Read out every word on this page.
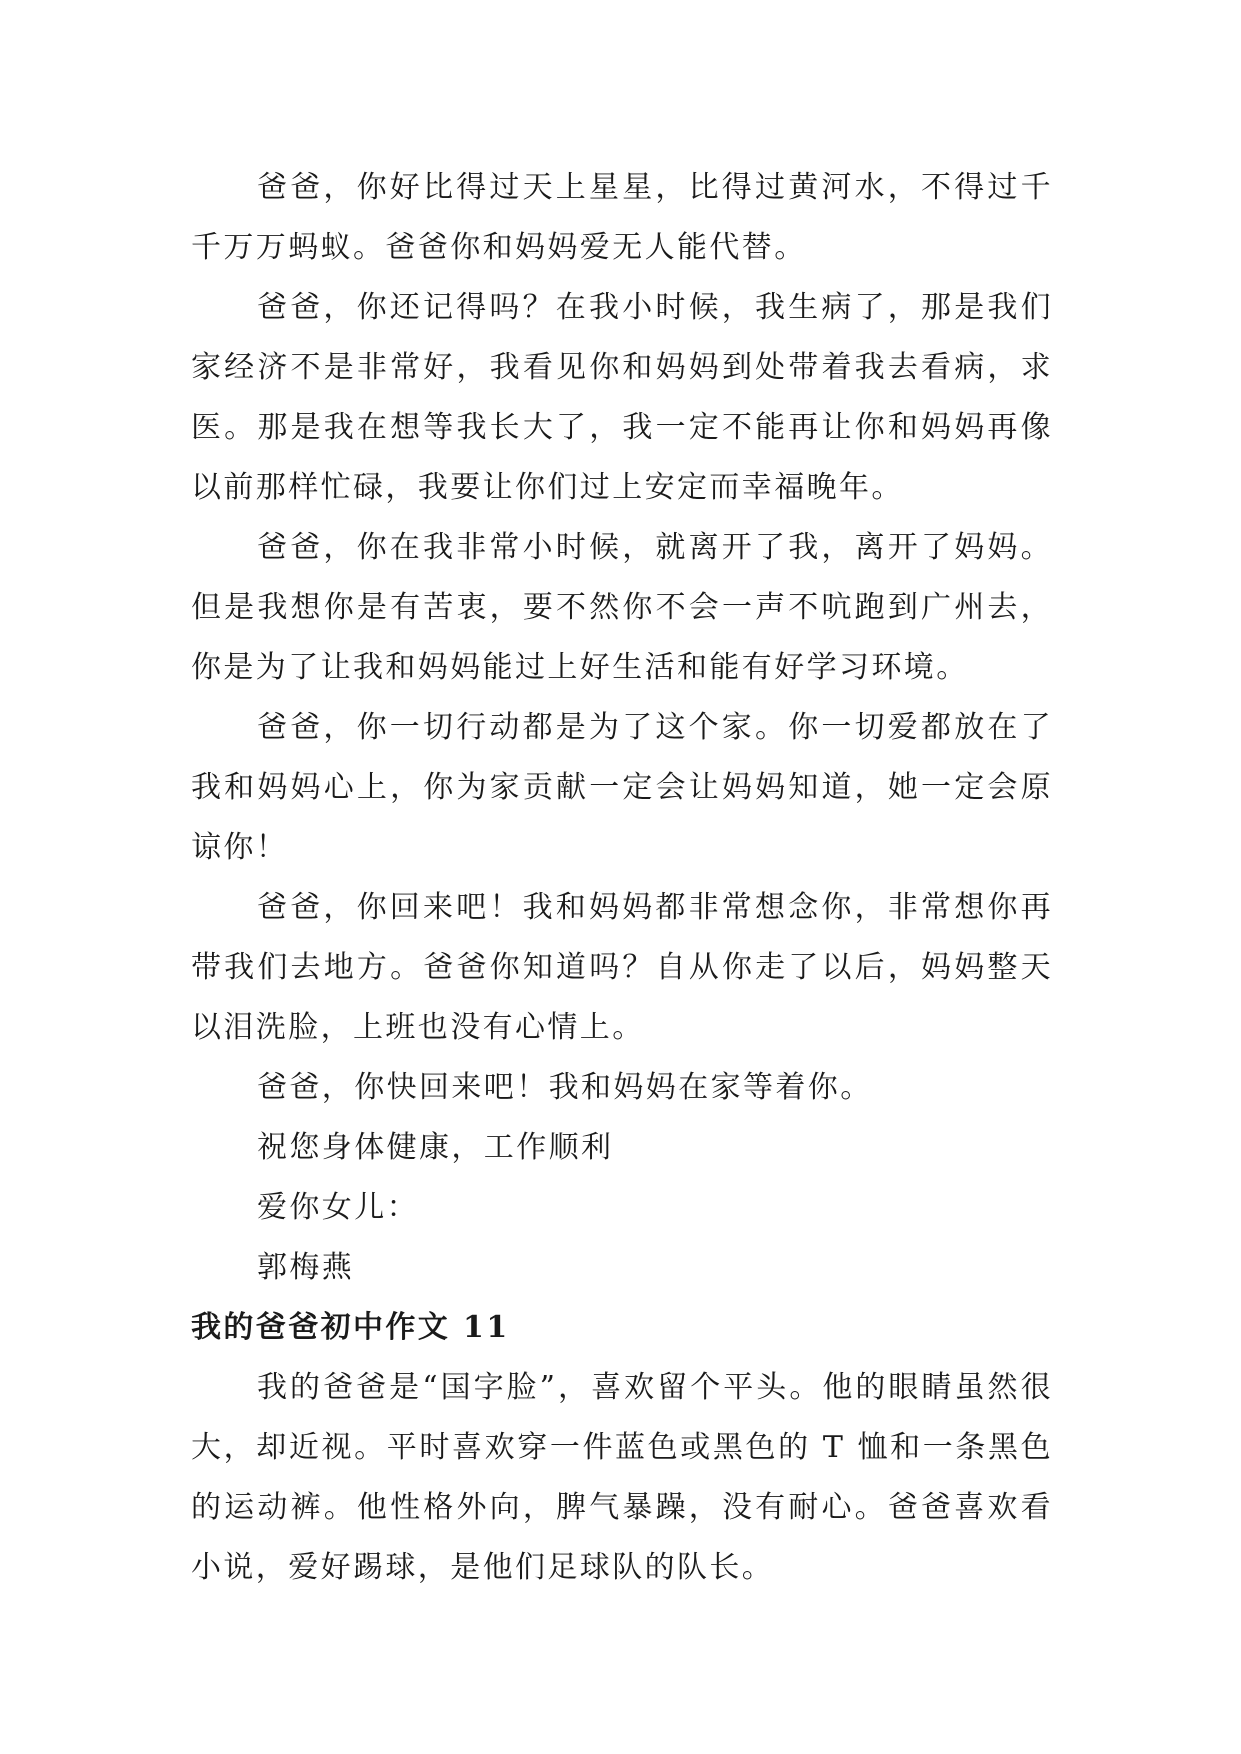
爸爸，你好比得过天上星星，比得过黄河水，不得过千千万万蚂蚁。爸爸你和妈妈爱无人能代替。

爸爸，你还记得吗？在我小时候，我生病了，那是我们家经济不是非常好，我看见你和妈妈到处带着我去看病，求医。那是我在想等我长大了，我一定不能再让你和妈妈再像以前那样忙碌，我要让你们过上安定而幸福晚年。

爸爸，你在我非常小时候，就离开了我，离开了妈妈。但是我想你是有苦衷，要不然你不会一声不吭跑到广州去，你是为了让我和妈妈能过上好生活和能有好学习环境。

爸爸，你一切行动都是为了这个家。你一切爱都放在了我和妈妈心上，你为家贡献一定会让妈妈知道，她一定会原谅你！

爸爸，你回来吧！我和妈妈都非常想念你，非常想你再带我们去地方。爸爸你知道吗？自从你走了以后，妈妈整天以泪洗脸，上班也没有心情上。

爸爸，你快回来吧！我和妈妈在家等着你。

祝您身体健康，工作顺利

爱你女儿：

郭梅燕

我的爸爸初中作文 11

我的爸爸是“国字脸”，喜欢留个平头。他的眼睛虽然很大，却近视。平时喜欢穿一件蓝色或黑色的 T 恤和一条黑色的运动裤。他性格外向，脾气暴躁，没有耐心。爸爸喜欢看小说，爱好踢球，是他们足球队的队长。
